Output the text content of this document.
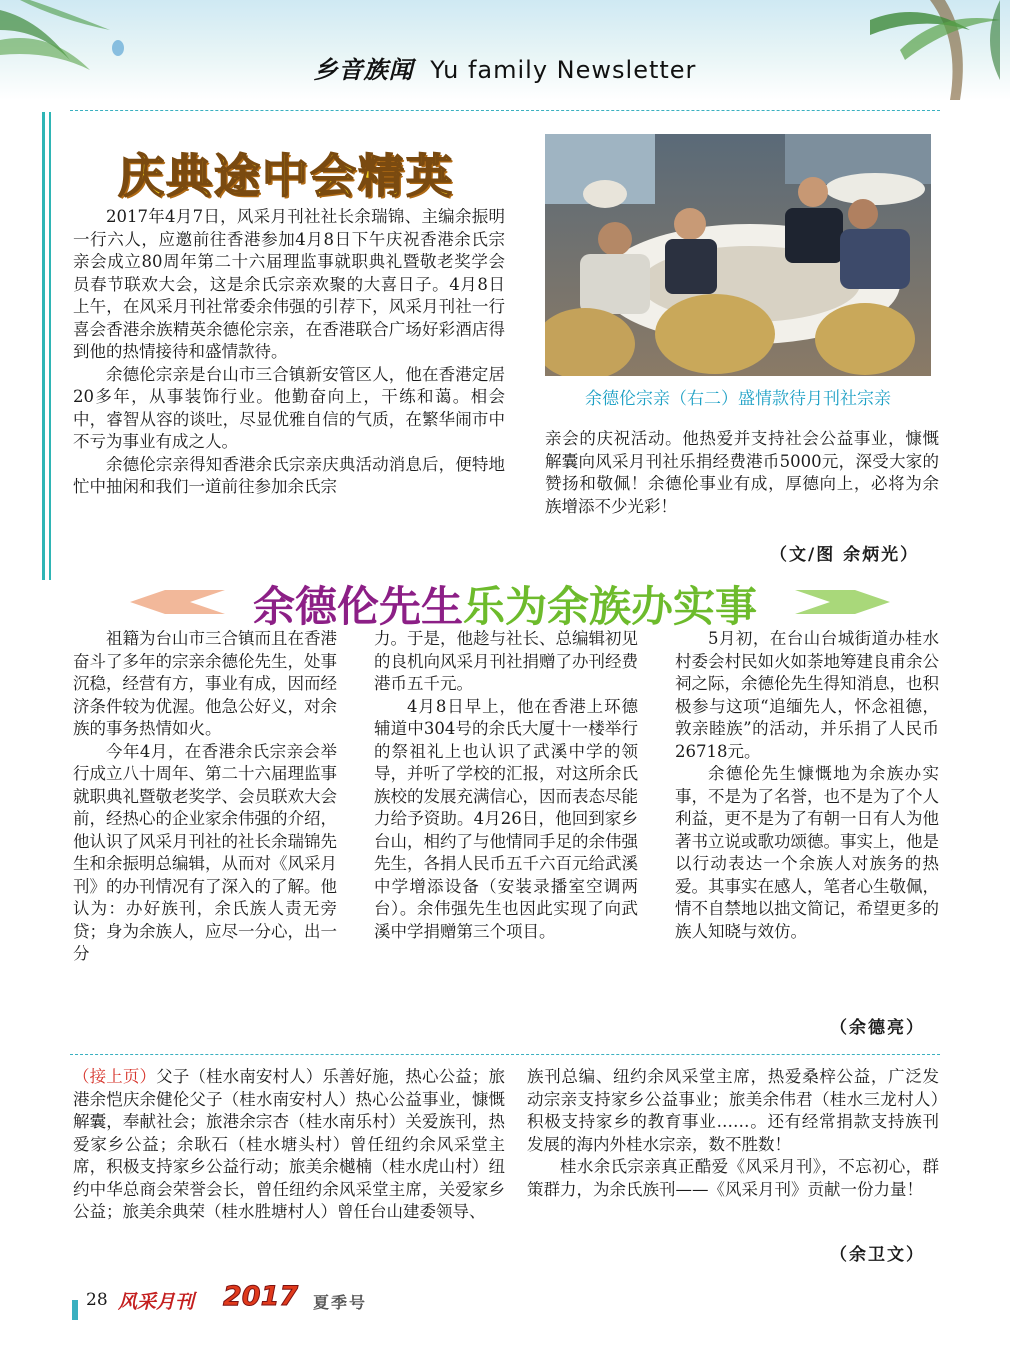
乡音族闻 Yu family Newsletter
庆典途中会精英

2017年4月7日，风采月刊社社长余瑞锦、主编余振明一行六人，应邀前往香港参加4月8日下午庆祝香港余氏宗亲会成立80周年第二十六届理监事就职典礼暨敬老奖学会员春节联欢大会，这是余氏宗亲欢聚的大喜日子。4月8日上午，在风采月刊社常委余伟强的引荐下，风采月刊社一行喜会香港余族精英余德伦宗亲，在香港联合广场好彩酒店得到他的热情接待和盛情款待。

余德伦宗亲是台山市三合镇新安管区人，他在香港定居20多年，从事装饰行业。他勤奋向上，干练和蔼。相会中，睿智从容的谈吐，尽显优雅自信的气质，在繁华闹市中不亏为事业有成之人。

余德伦宗亲得知香港余氏宗亲庆典活动消息后，便特地忙中抽闲和我们一道前往参加余氏宗

余德伦宗亲（右二）盛情款待月刊社宗亲

亲会的庆祝活动。他热爱并支持社会公益事业，慷慨解囊向风采月刊社乐捐经费港币5000元，深受大家的赞扬和敬佩！余德伦事业有成，厚德向上，必将为余族增添不少光彩！

（文/图 余炳光）
余德伦先生乐为余族办实事

祖籍为台山市三合镇而且在香港奋斗了多年的宗亲余德伦先生，处事沉稳，经营有方，事业有成，因而经济条件较为优渥。他急公好义，对余族的事务热情如火。

今年4月，在香港余氏宗亲会举行成立八十周年、第二十六届理监事就职典礼暨敬老奖学、会员联欢大会前，经热心的企业家余伟强的介绍，他认识了风采月刊社的社长余瑞锦先生和余振明总编辑，从而对《风采月刊》的办刊情况有了深入的了解。他认为：办好族刊，余氏族人责无旁贷；身为余族人，应尽一分心，出一分

力。于是，他趁与社长、总编辑初见的良机向风采月刊社捐赠了办刊经费港币五千元。

4月8日早上，他在香港上环德辅道中304号的余氏大厦十一楼举行的祭祖礼上也认识了武溪中学的领导，并听了学校的汇报，对这所余氏族校的发展充满信心，因而表态尽能力给予资助。4月26日，他回到家乡台山，相约了与他情同手足的余伟强先生，各捐人民币五千六百元给武溪中学增添设备（安装录播室空调两台）。余伟强先生也因此实现了向武溪中学捐赠第三个项目。

5月初，在台山台城街道办桂水村委会村民如火如荼地筹建良甫余公祠之际，余德伦先生得知消息，也积极参与这项“追缅先人，怀念祖德，敦亲睦族”的活动，并乐捐了人民币26718元。

余德伦先生慷慨地为余族办实事，不是为了名誉，也不是为了个人利益，更不是为了有朝一日有人为他著书立说或歌功颂德。事实上，他是以行动表达一个余族人对族务的热爱。其事实在感人，笔者心生敬佩，情不自禁地以拙文简记，希望更多的族人知晓与效仿。

（余德亮）

（接上页）父子（桂水南安村人）乐善好施，热心公益；旅港余恺庆余健伦父子（桂水南安村人）热心公益事业，慷慨解囊，奉献社会；旅港余宗杏（桂水南乐村）关爱族刊，热爱家乡公益；余耿石（桂水塘头村）曾任纽约余风采堂主席，积极支持家乡公益行动；旅美余樾楠（桂水虎山村）纽约中华总商会荣誉会长，曾任纽约余风采堂主席，关爱家乡公益；旅美余典荣（桂水胜塘村人）曾任台山建委领导、

族刊总编、纽约余风采堂主席，热爱桑梓公益，广泛发动宗亲支持家乡公益事业；旅美余伟君（桂水三龙村人）积极支持家乡的教育事业……。还有经常捐款支持族刊发展的海内外桂水宗亲，数不胜数！

桂水余氏宗亲真正酷爱《风采月刊》，不忘初心，群策群力，为余氏族刊——《风采月刊》贡献一份力量！

（余卫文）
28 风采月刊 2017 夏季号
